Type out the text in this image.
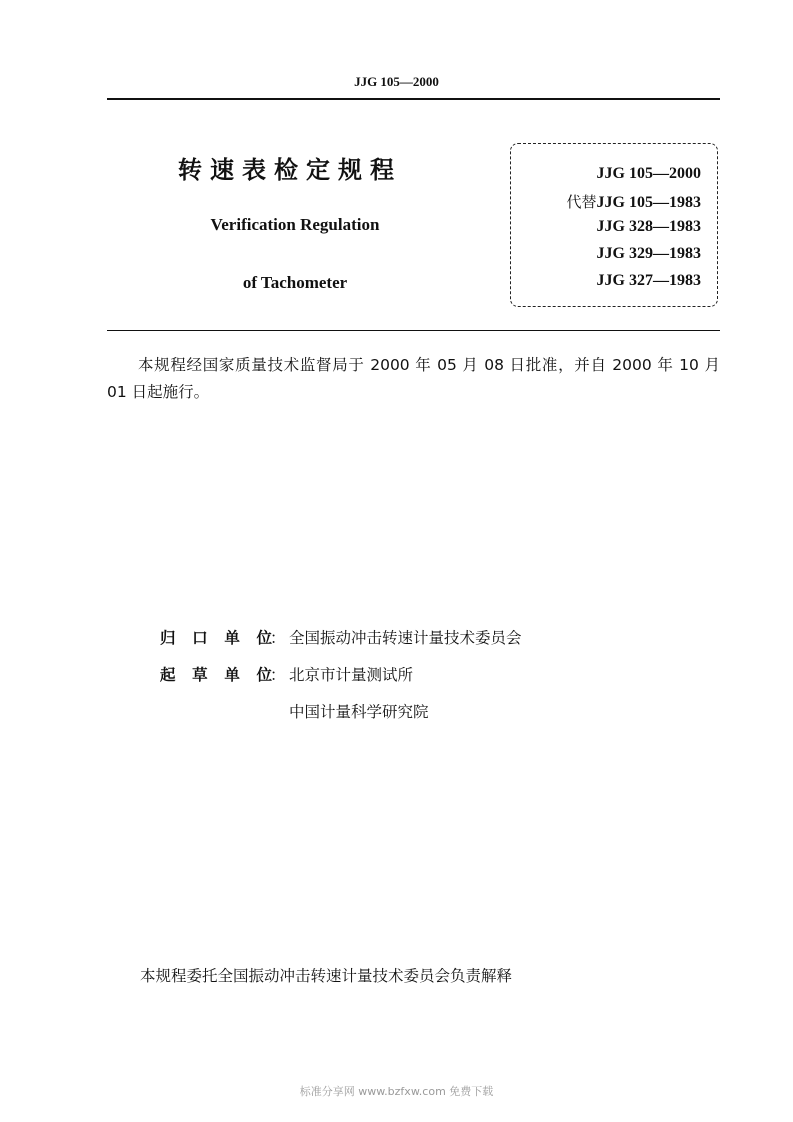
JJG 105—2000
转速表检定规程
Verification Regulation
of Tachometer
JJG 105—2000
代替JJG 105—1983
JJG 328—1983
JJG 329—1983
JJG 327—1983
本规程经国家质量技术监督局于 2000 年 05 月 08 日批准，并自 2000 年 10 月 01 日起施行。
归 口 单 位
： 全国振动冲击转速计量技术委员会
起 草 单 位
： 北京市计量测试所
中国计量科学研究院
本规程委托全国振动冲击转速计量技术委员会负责解释
标准分享网 www.bzfxw.com 免费下载
